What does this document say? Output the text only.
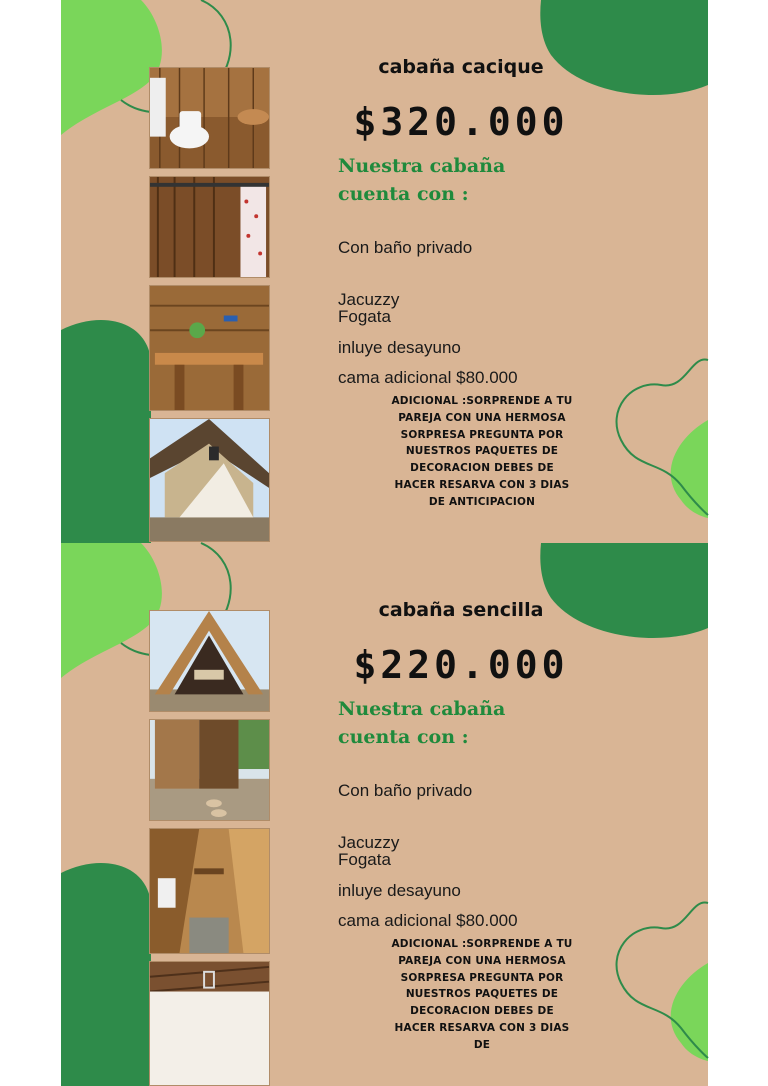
cabaña cacique
$320.000
Nuestra cabaña cuenta con :
Con baño privado
Jacuzzy
Fogata
inluye desayuno
cama adicional $80.000
ADICIONAL :SORPRENDE A TU PAREJA CON UNA HERMOSA SORPRESA PREGUNTA POR NUESTROS PAQUETES DE DECORACION DEBES DE HACER RESARVA CON 3 DIAS DE ANTICIPACION
cabaña sencilla
$220.000
Nuestra cabaña cuenta con :
Con baño privado
Jacuzzy
Fogata
inluye desayuno
cama adicional $80.000
ADICIONAL :SORPRENDE A TU PAREJA CON UNA HERMOSA SORPRESA PREGUNTA POR NUESTROS PAQUETES DE DECORACION DEBES DE HACER RESARVA CON 3 DIAS DE
